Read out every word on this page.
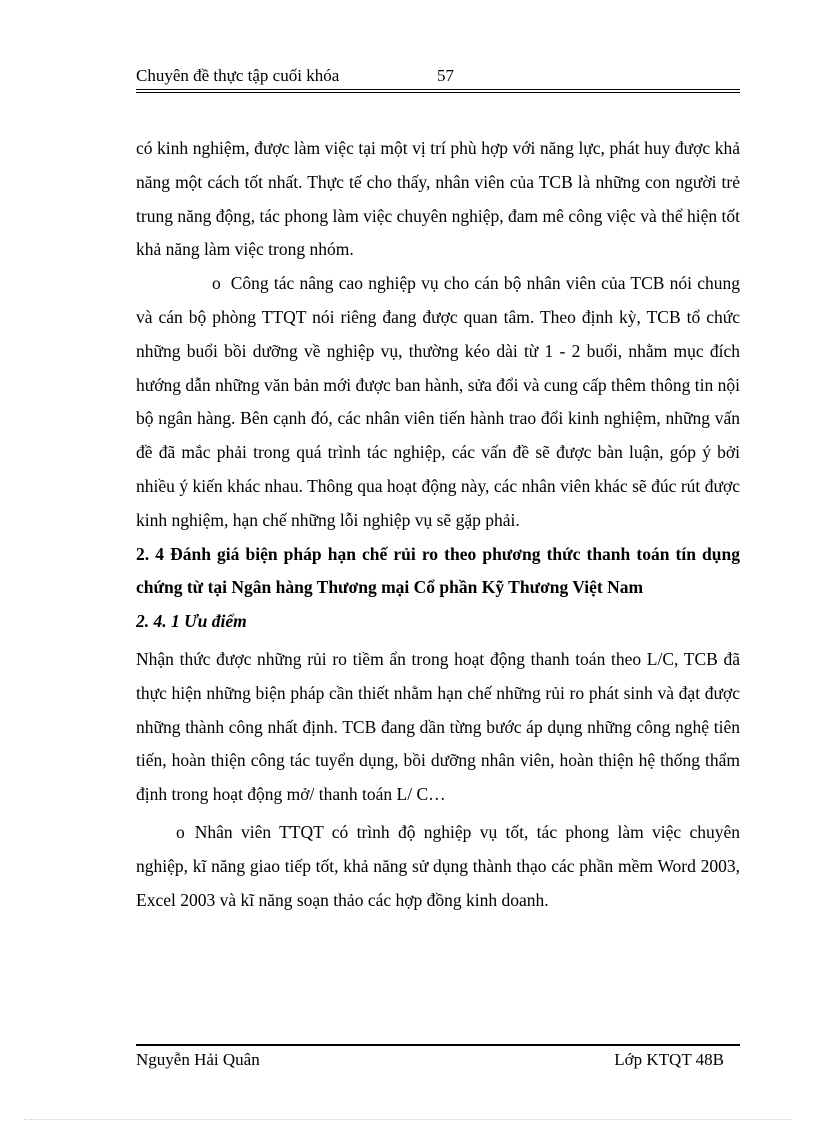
Chuyên đề thực tập cuối khóa	57

có kinh nghiệm, được làm việc tại một vị trí phù hợp với năng lực, phát huy được khả năng một cách tốt nhất. Thực tế cho thấy, nhân viên của TCB là những con người trẻ trung năng động, tác phong làm việc chuyên nghiệp, đam mê công việc và thể hiện tốt khả năng làm việc trong nhóm.

o Công tác nâng cao nghiệp vụ cho cán bộ nhân viên của TCB nói chung và cán bộ phòng TTQT nói riêng đang được quan tâm. Theo định kỳ, TCB tổ chức những buổi bồi dưỡng về nghiệp vụ, thường kéo dài từ 1 - 2 buổi, nhằm mục đích hướng dẫn những văn bản mới được ban hành, sửa đổi và cung cấp thêm thông tin nội bộ ngân hàng. Bên cạnh đó, các nhân viên tiến hành trao đổi kinh nghiệm, những vấn đề đã mắc phải trong quá trình tác nghiệp, các vấn đề sẽ được bàn luận, góp ý bởi nhiều ý kiến khác nhau. Thông qua hoạt động này, các nhân viên khác sẽ đúc rút được kinh nghiệm, hạn chế những lỗi nghiệp vụ sẽ gặp phải.

2. 4 Đánh giá biện pháp hạn chế rủi ro theo phương thức thanh toán tín dụng chứng từ tại Ngân hàng Thương mại Cổ phần Kỹ Thương Việt Nam
2. 4. 1 Ưu điểm

Nhận thức được những rủi ro tiềm ẩn trong hoạt động thanh toán theo L/C, TCB đã thực hiện những biện pháp cần thiết nhằm hạn chế những rủi ro phát sinh và đạt được những thành công nhất định. TCB đang dần từng bước áp dụng những công nghệ tiên tiến, hoàn thiện công tác tuyển dụng, bồi dưỡng nhân viên, hoàn thiện hệ thống thẩm định trong hoạt động mở/ thanh toán L/ C…

o Nhân viên TTQT có trình độ nghiệp vụ tốt, tác phong làm việc chuyên nghiệp, kĩ năng giao tiếp tốt, khả năng sử dụng thành thạo các phần mềm Word 2003, Excel 2003 và kĩ năng soạn thảo các hợp đồng kinh doanh.

Nguyễn Hải Quân	Lớp KTQT 48B
